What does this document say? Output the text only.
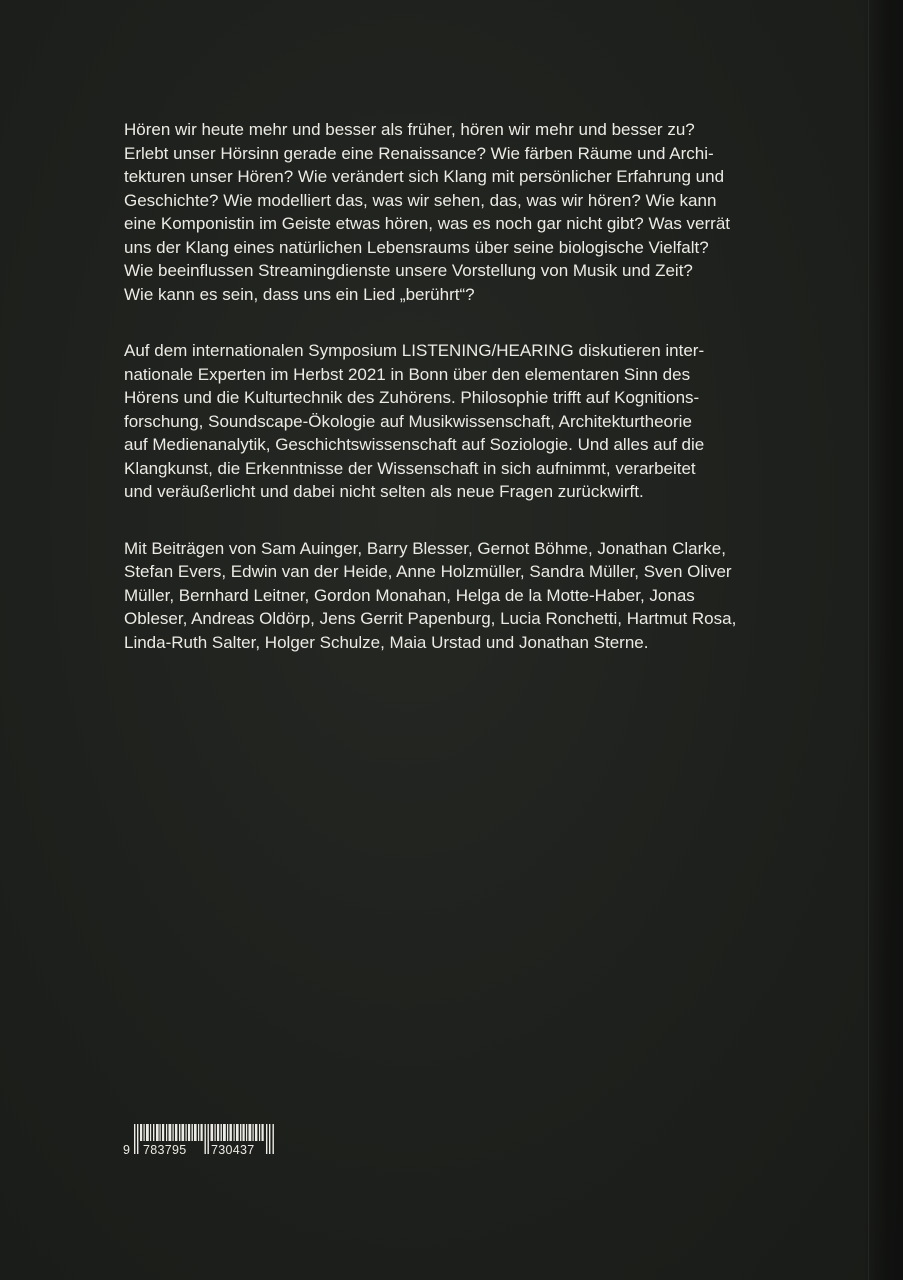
Hören wir heute mehr und besser als früher, hören wir mehr und besser zu?
Erlebt unser Hörsinn gerade eine Renaissance? Wie färben Räume und Archi-
tekturen unser Hören? Wie verändert sich Klang mit persönlicher Erfahrung und
Geschichte? Wie modelliert das, was wir sehen, das, was wir hören? Wie kann
eine Komponistin im Geiste etwas hören, was es noch gar nicht gibt? Was verrät
uns der Klang eines natürlichen Lebensraums über seine biologische Vielfalt?
Wie beeinflussen Streamingdienste unsere Vorstellung von Musik und Zeit?
Wie kann es sein, dass uns ein Lied „berührt“?

Auf dem internationalen Symposium LISTENING/HEARING diskutieren inter-
nationale Experten im Herbst 2021 in Bonn über den elementaren Sinn des
Hörens und die Kulturtechnik des Zuhörens. Philosophie trifft auf Kognitions-
forschung, Soundscape-Ökologie auf Musikwissenschaft, Architekturtheorie
auf Medienanalytik, Geschichtswissenschaft auf Soziologie. Und alles auf die
Klangkunst, die Erkenntnisse der Wissenschaft in sich aufnimmt, verarbeitet
und veräußerlicht und dabei nicht selten als neue Fragen zurückwirft.

Mit Beiträgen von Sam Auinger, Barry Blesser, Gernot Böhme, Jonathan Clarke,
Stefan Evers, Edwin van der Heide, Anne Holzmüller, Sandra Müller, Sven Oliver
Müller, Bernhard Leitner, Gordon Monahan, Helga de la Motte-Haber, Jonas
Obleser, Andreas Oldörp, Jens Gerrit Papenburg, Lucia Ronchetti, Hartmut Rosa,
Linda-Ruth Salter, Holger Schulze, Maia Urstad und Jonathan Sterne.

9 783795 730437
